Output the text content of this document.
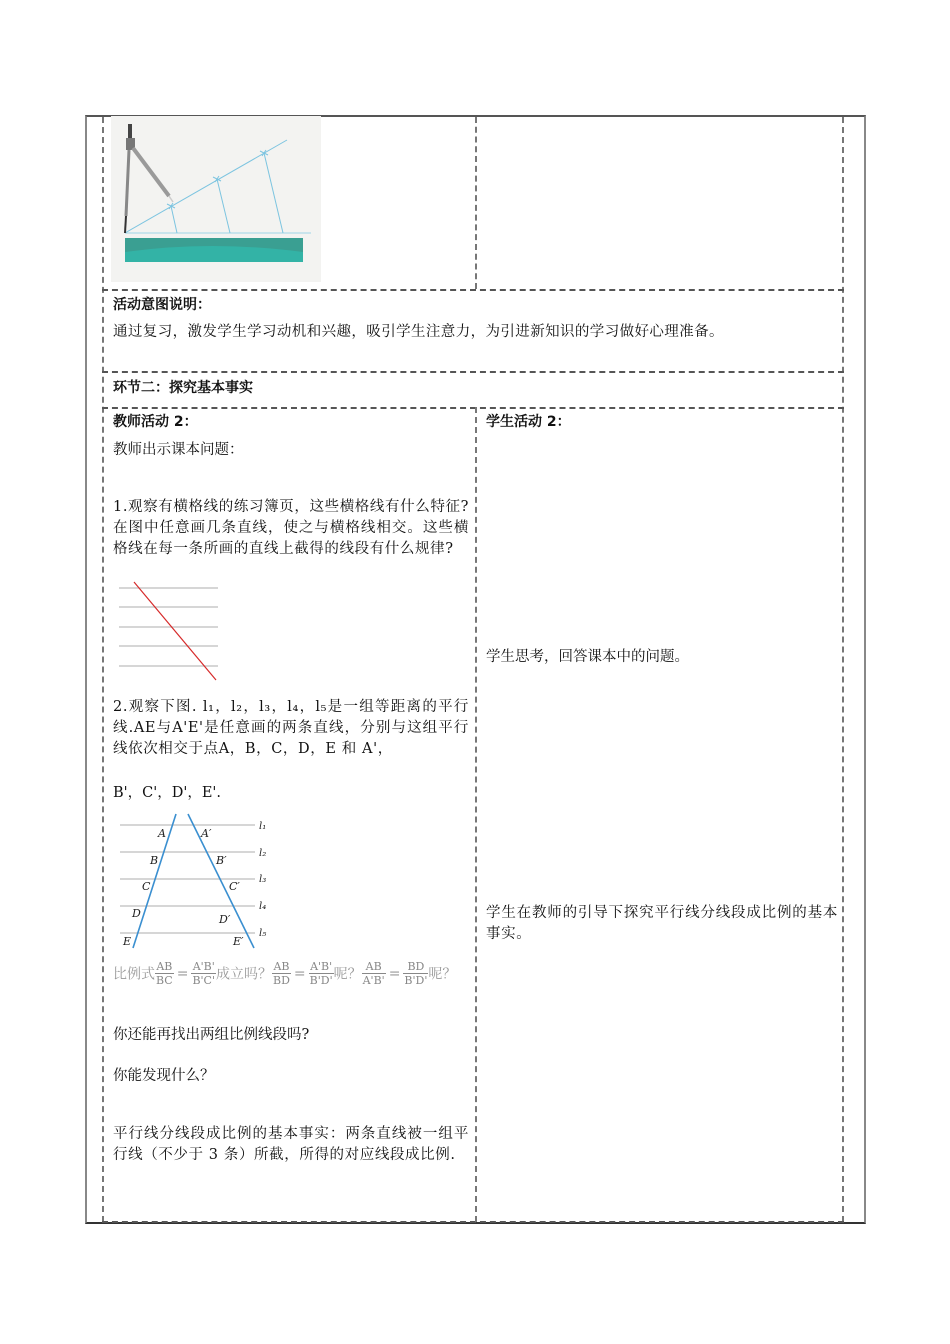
活动意图说明：
通过复习，激发学生学习动机和兴趣，吸引学生注意力，为引进新知识的学习做好心理准备。
环节二：探究基本事实
教师活动 2：
教师出示课本问题：
1.观察有横格线的练习簿页，这些横格线有什么特征?在图中任意画几条直线，使之与横格线相交。这些横格线在每一条所画的直线上截得的线段有什么规律?
2.观察下图. l₁，l₂，l₃，l₄，l₅是一组等距离的平行线.AE与A'E'是任意画的两条直线，分别与这组平行线依次相交于点A，B，C，D，E 和 A'，
B'，C'，D'，E'.
A	A′
B	B′
C	C′
D	D′
E	E′
l₁
l₂
l₃
l₄
l₅
比例式 $\frac{AB}{BC} = \frac{A'B'}{B'C'}$ 成立吗？ $\frac{AB}{BD} = \frac{A'B'}{B'D'}$ 呢？ $\frac{AB}{A'B'} = \frac{BD}{B'D'}$ 呢？
你还能再找出两组比例线段吗?
你能发现什么？
平行线分线段成比例的基本事实：两条直线被一组平行线（不少于 3 条）所截，所得的对应线段成比例.
学生活动 2：
学生思考，回答课本中的问题。
学生在教师的引导下探究平行线分线段成比例的基本事实。
